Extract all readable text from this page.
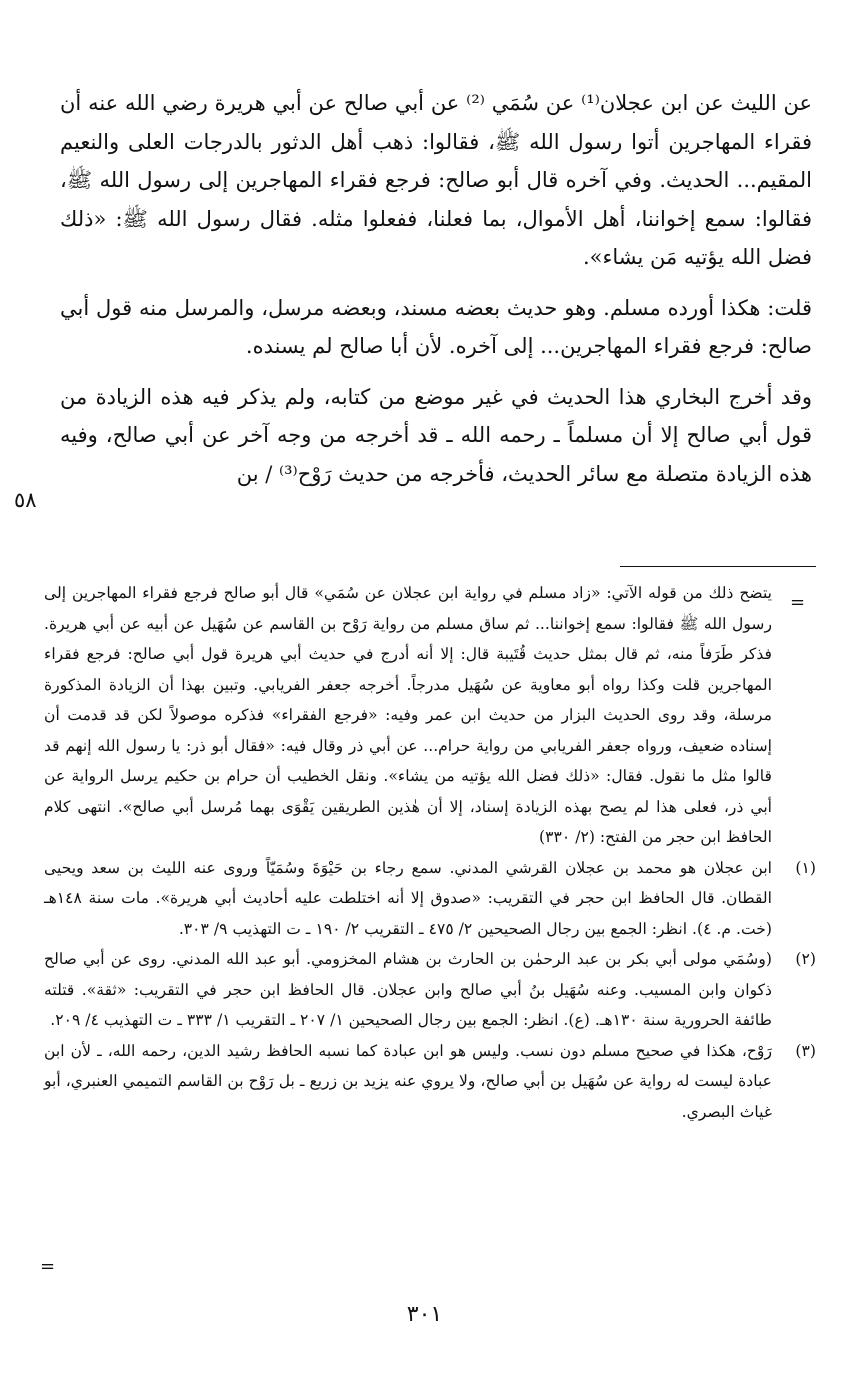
عن الليث عن ابن عجلان⁽¹⁾ عن سُمَي ⁽²⁾ عن أبي صالح عن أبي هريرة رضي الله عنه أن فقراء المهاجرين أتوا رسول الله ﷺ، فقالوا: ذهب أهل الدثور بالدرجات العلى والنعيم المقيم... الحديث. وفي آخره قال أبو صالح: فرجع فقراء المهاجرين إلى رسول الله ﷺ، فقالوا: سمع إخواننا، أهل الأموال، بما فعلنا، ففعلوا مثله. فقال رسول الله ﷺ: «ذلك فضل الله يؤتيه مَن يشاء».

قلت: هكذا أورده مسلم. وهو حديث بعضه مسند، وبعضه مرسل، والمرسل منه قول أبي صالح: فرجع فقراء المهاجرين... إلى آخره. لأن أبا صالح لم يسنده.

وقد أخرج البخاري هذا الحديث في غير موضع من كتابه، ولم يذكر فيه هذه الزيادة من قول أبي صالح إلا أن مسلماً ـ رحمه الله ـ قد أخرجه من وجه آخر عن أبي صالح، وفيه هذه الزيادة متصلة مع سائر الحديث، فأخرجه من حديث رَوْح⁽³⁾ / بن

٥٨
=
يتضح ذلك من قوله الآتي: «زاد مسلم في رواية ابن عجلان عن سُمَي» قال أبو صالح فرجع فقراء المهاجرين إلى رسول الله ﷺ فقالوا: سمع إخواننا... ثم ساق مسلم من رواية رَوْح بن القاسم عن سُهَيل عن أبيه عن أبي هريرة. فذكر طَرَفاً منه، ثم قال بمثل حديث قُتَيبة قال: إلا أنه أدرج في حديث أبي هريرة قول أبي صالح: فرجع فقراء المهاجرين قلت وكذا رواه أبو معاوية عن سُهَيل مدرجاً. أخرجه جعفر الفريابي. وتبين بهذا أن الزيادة المذكورة مرسلة، وقد روى الحديث البزار من حديث ابن عمر وفيه: «فرجع الفقراء» فذكره موصولاً لكن قد قدمت أن إسناده ضعيف، ورواه جعفر الفريابي من رواية حرام... عن أبي ذر وقال فيه: «فقال أبو ذر: يا رسول الله إنهم قد قالوا مثل ما نقول. فقال: «ذلك فضل الله يؤتيه من يشاء». ونقل الخطيب أن حرام بن حكيم يرسل الرواية عن أبي ذر، فعلى هذا لم يصح بهذه الزيادة إسناد، إلا أن هٰذين الطريقين يَقْوَى بهما مُرسل أبي صالح». انتهى كلام الحافظ ابن حجر من الفتح: (٢/ ٣٣٠)
(١)
ابن عجلان هو محمد بن عجلان القرشي المدني. سمع رجاء بن حَيْوَةَ وسُمَيّاً وروى عنه الليث بن سعد ويحيى القطان. قال الحافظ ابن حجر في التقريب: «صدوق إلا أنه اختلطت عليه أحاديث أبي هريرة». مات سنة ١٤٨هـ (خت. م. ٤). انظر: الجمع بين رجال الصحيحين ٢/ ٤٧٥ ـ التقريب ٢/ ١٩٠ ـ ت التهذيب ٩/ ٣٠٣.
(٢)
(وسُمَي مولى أبي بكر بن عبد الرحمٰن بن الحارث بن هشام المخزومي. أبو عبد الله المدني. روى عن أبي صالح ذكوان وابن المسيب. وعنه سُهَيل بنُ أبي صالح وابن عجلان. قال الحافظ ابن حجر في التقريب: «ثقة». قتلته طائفة الحرورية سنة ١٣٠هـ. (ع). انظر: الجمع بين رجال الصحيحين ١/ ٢٠٧ ـ التقريب ١/ ٣٣٣ ـ ت التهذيب ٤/ ٢٠٩.
(٣)
رَوْح، هكذا في صحيح مسلم دون نسب. وليس هو ابن عبادة كما نسبه الحافظ رشيد الدين، رحمه الله، ـ لأن ابن عبادة ليست له رواية عن سُهَيل بن أبي صالح، ولا يروي عنه يزيد بن زريع ـ بل رَوْح بن القاسم التميمي العنبري، أبو غياث البصري.
=
٣٠١
